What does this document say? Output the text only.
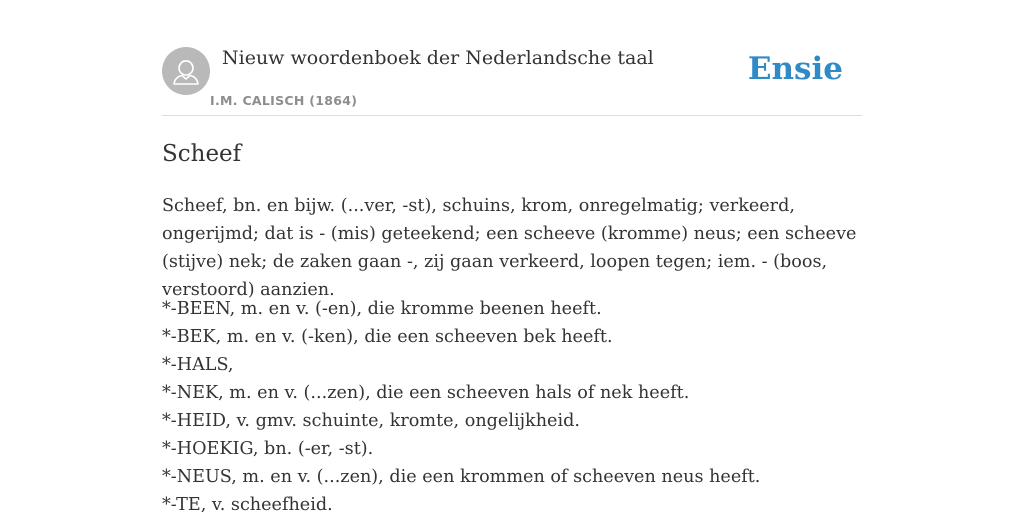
Nieuw woordenboek der Nederlandsche taal
I.M. CALISCH (1864)
Ensie
Scheef

Scheef, bn. en bijw. (...ver, -st), schuins, krom, onregelmatig; verkeerd, ongerijmd; dat is - (mis) geteekend; een scheeve (kromme) neus; een scheeve (stijve) nek; de zaken gaan -, zij gaan verkeerd, loopen tegen; iem. - (boos, verstoord) aanzien.

*-BEEN, m. en v. (-en), die kromme beenen heeft.
*-BEK, m. en v. (-ken), die een scheeven bek heeft.
*-HALS,
*-NEK, m. en v. (...zen), die een scheeven hals of nek heeft.
*-HEID, v. gmv. schuinte, kromte, ongelijkheid.
*-HOEKIG, bn. (-er, -st).
*-NEUS, m. en v. (...zen), die een krommen of scheeven neus heeft.
*-TE, v. scheefheid.
